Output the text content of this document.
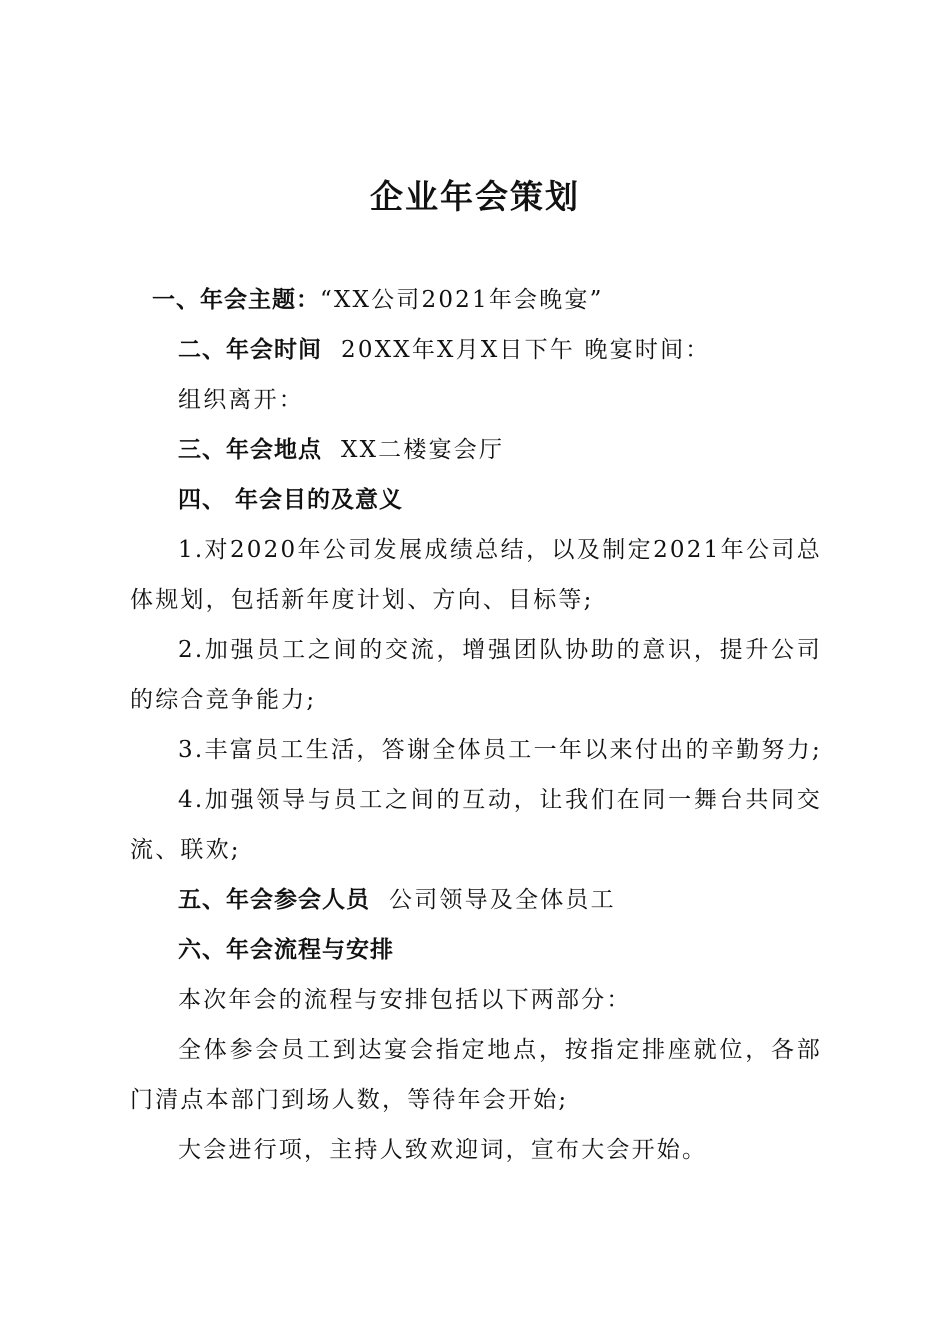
企业年会策划
一、年会主题：“XX公司2021年会晚宴”
二、年会时间 20XX年X月X日下午 晚宴时间：
组织离开：
三、年会地点 XX二楼宴会厅
四、 年会目的及意义
1.对2020年公司发展成绩总结，以及制定2021年公司总
体规划，包括新年度计划、方向、目标等;
2.加强员工之间的交流，增强团队协助的意识，提升公司
的综合竞争能力;
3.丰富员工生活，答谢全体员工一年以来付出的辛勤努力;
4.加强领导与员工之间的互动，让我们在同一舞台共同交
流、联欢;
五、年会参会人员 公司领导及全体员工
六、年会流程与安排
本次年会的流程与安排包括以下两部分：
全体参会员工到达宴会指定地点，按指定排座就位，各部
门清点本部门到场人数，等待年会开始;
大会进行项，主持人致欢迎词，宣布大会开始。
